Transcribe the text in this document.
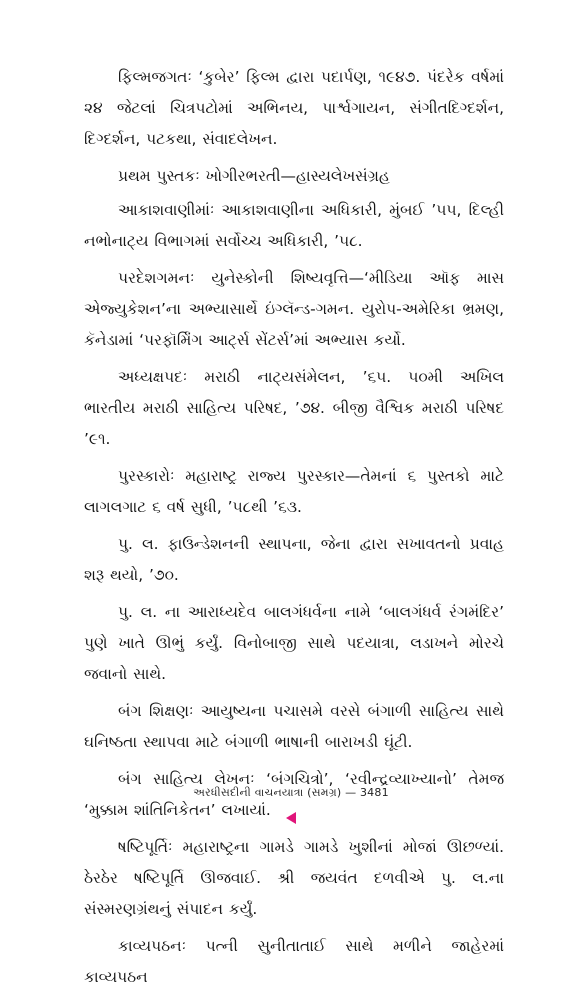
ફિલ્મજગતઃ ‘કુબેર’ ફિલ્મ દ્વારા પદાર્પણ, ૧૯૪૭. પંદરેક વર્ષમાં ૨૪ જેટલાં ચિત્રપટોમાં અભિનય, પાર્શ્વગાયન, સંગીતદિગ્દર્શન, દિગ્દર્શન, પટકથા, સંવાદલેખન.

પ્રથમ પુસ્તકઃ ખોગીરભરતી—હાસ્યલેખસંગ્રહ

આકાશવાણીમાંઃ આકાશવાણીના અધિકારી, મુંબઈ ’૫૫, દિલ્હી નભોનાટ્ય વિભાગમાં સર્વોચ્ચ અધિકારી, ’૫૮.

પરદેશગમનઃ યુનેસ્કોની શિષ્યવૃત્તિ—‘મીડિયા ઑફ માસ એજ્યુકેશન’ના અભ્યાસાર્થે ઇંગ્લૅન્ડ-ગમન. યુરોપ-અમેરિકા ભ્રમણ, કૅનેડામાં ‘પરફૉર્મિંગ આર્ટ્સ સેંટર્સ’માં અભ્યાસ કર્યો.

અધ્યક્ષપદઃ મરાઠી નાટ્યસંમેલન, ’૬૫. ૫૦મી અખિલ ભારતીય મરાઠી સાહિત્ય પરિષદ, ’૭૪. બીજી વૈશ્વિક મરાઠી પરિષદ ’૯૧.

પુરસ્કારોઃ મહારાષ્ટ્ર રાજ્ય પુરસ્કાર—તેમનાં ૬ પુસ્તકો માટે લાગલગાટ ૬ વર્ષ સુધી, ’૫૮થી ’૬૩.

પુ. લ. ફાઉન્ડેશનની સ્થાપના, જેના દ્વારા સખાવતનો પ્રવાહ શરૂ થયો, ’૭૦.

પુ. લ. ના આરાધ્યદેવ બાલગંધર્વના નામે ‘બાલગંધર્વ રંગમંદિર’ પુણે ખાતે ઊભું કર્યું. વિનોબાજી સાથે પદયાત્રા, લડાખને મોરચે જવાનો સાથે.

બંગ શિક્ષણઃ આયુષ્યના પચાસમે વરસે બંગાળી સાહિત્ય સાથે ઘનિષ્ઠતા સ્થાપવા માટે બંગાળી ભાષાની બારાખડી ઘૂંટી.

બંગ સાહિત્ય લેખનઃ ‘બંગચિત્રો’, ‘રવીન્દ્રવ્યાખ્યાનો’ તેમજ ‘મુક્કામ શાંતિનિકેતન’ લખાયાં.

ષષ્ટિપૂર્તિઃ મહારાષ્ટ્રના ગામડે ગામડે ખુશીનાં મોજાં ઊછળ્યાં. ઠેરઠેર ષષ્ટિપૂર્તિ ઊજવાઈ. શ્રી જયવંત દળવીએ પુ. લ.ના સંસ્મરણગ્રંથનું સંપાદન કર્યું.

કાવ્યપઠનઃ પત્ની સુનીતાતાઈ સાથે મળીને જાહેરમાં કાવ્યપઠન

અરધીસદીની વાચનયાત્રા (સમગ્ર) — 3481
